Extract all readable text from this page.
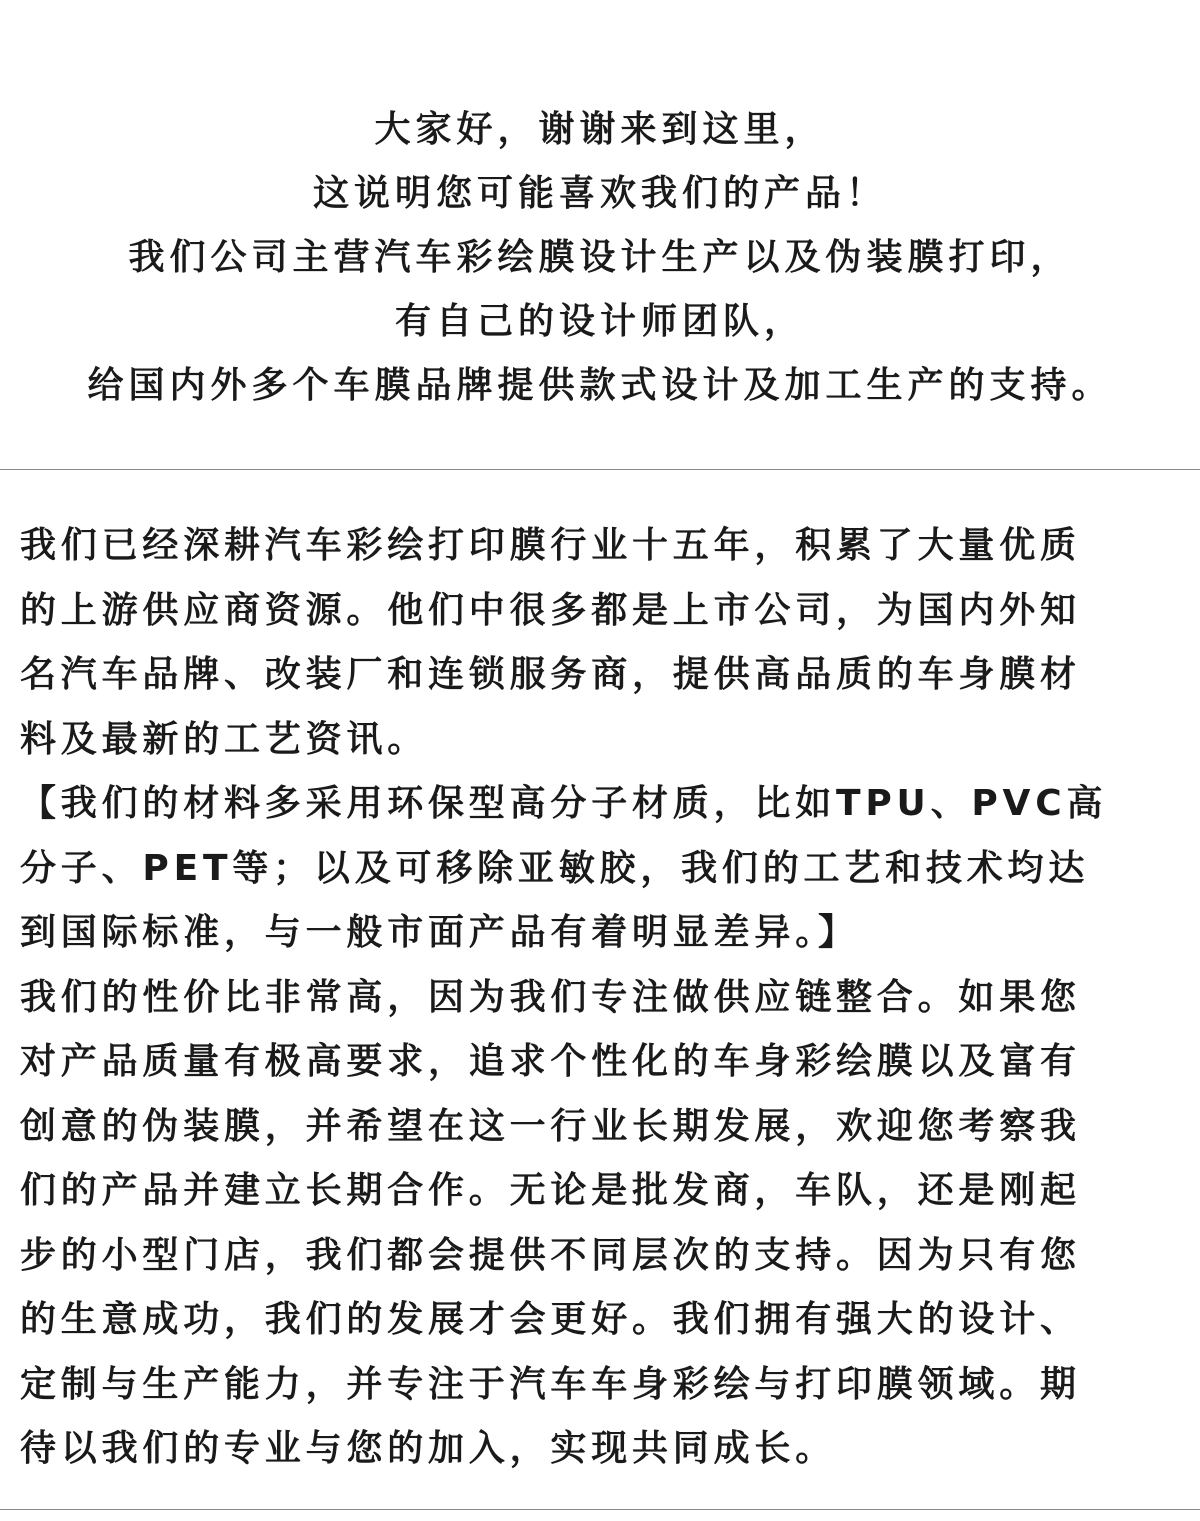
大家好，谢谢来到这里，
这说明您可能喜欢我们的产品！
我们公司主营汽车彩绘膜设计生产以及伪装膜打印，
有自己的设计师团队，
给国内外多个车膜品牌提供款式设计及加工生产的支持。
我们已经深耕汽车彩绘打印膜行业十五年，积累了大量优质
的上游供应商资源。他们中很多都是上市公司，为国内外知
名汽车品牌、改装厂和连锁服务商，提供高品质的车身膜材
料及最新的工艺资讯。
【我们的材料多采用环保型高分子材质，比如TPU、PVC高
分子、PET等；以及可移除亚敏胶，我们的工艺和技术均达
到国际标准，与一般市面产品有着明显差异。】
我们的性价比非常高，因为我们专注做供应链整合。如果您
对产品质量有极高要求，追求个性化的车身彩绘膜以及富有
创意的伪装膜，并希望在这一行业长期发展，欢迎您考察我
们的产品并建立长期合作。无论是批发商，车队，还是刚起
步的小型门店，我们都会提供不同层次的支持。因为只有您
的生意成功，我们的发展才会更好。我们拥有强大的设计、
定制与生产能力，并专注于汽车车身彩绘与打印膜领域。期
待以我们的专业与您的加入，实现共同成长。
